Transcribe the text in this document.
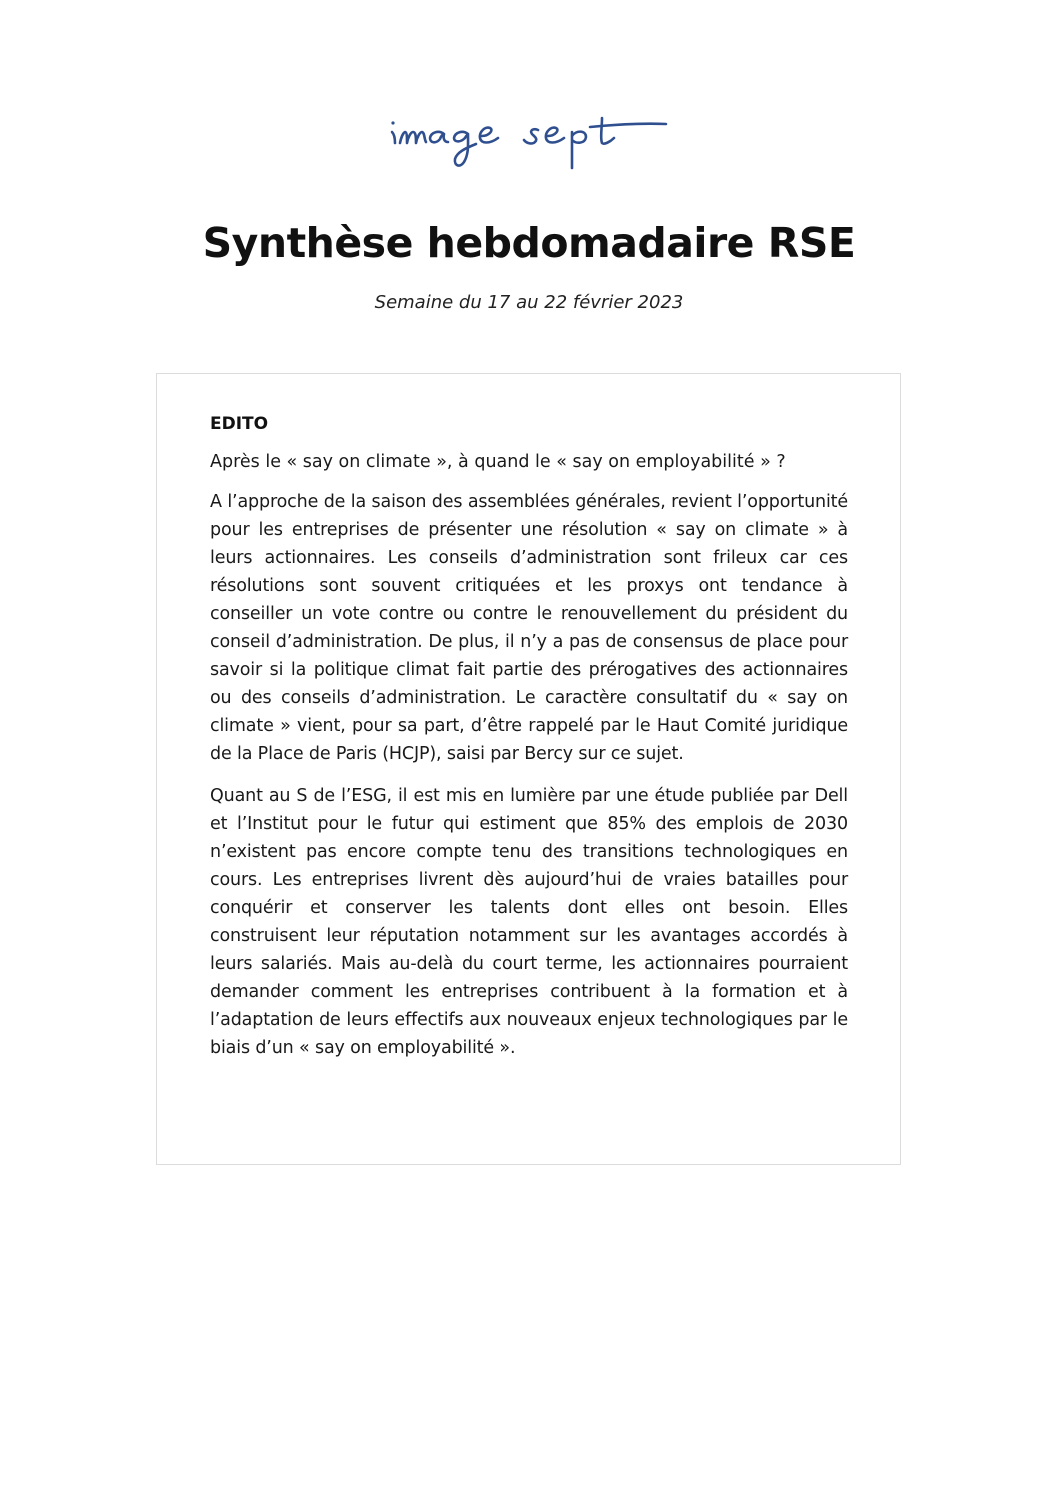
Synthèse hebdomadaire RSE

Semaine du 17 au 22 février 2023

EDITO

Après le « say on climate », à quand le « say on employabilité » ?

A l’approche de la saison des assemblées générales, revient l’opportunité pour les entreprises de présenter une résolution « say on climate » à leurs actionnaires. Les conseils d’administration sont frileux car ces résolutions sont souvent critiquées et les proxys ont tendance à conseiller un vote contre ou contre le renouvellement du président du conseil d’administration. De plus, il n’y a pas de consensus de place pour savoir si la politique climat fait partie des prérogatives des actionnaires ou des conseils d’administration. Le caractère consultatif du « say on climate » vient, pour sa part, d’être rappelé par le Haut Comité juridique de la Place de Paris (HCJP), saisi par Bercy sur ce sujet.

Quant au S de l’ESG, il est mis en lumière par une étude publiée par Dell et l’Institut pour le futur qui estiment que 85% des emplois de 2030 n’existent pas encore compte tenu des transitions technologiques en cours. Les entreprises livrent dès aujourd’hui de vraies batailles pour conquérir et conserver les talents dont elles ont besoin. Elles construisent leur réputation notamment sur les avantages accordés à leurs salariés. Mais au-delà du court terme, les actionnaires pourraient demander comment les entreprises contribuent à la formation et à l’adaptation de leurs effectifs aux nouveaux enjeux technologiques par le biais d’un « say on employabilité ».
